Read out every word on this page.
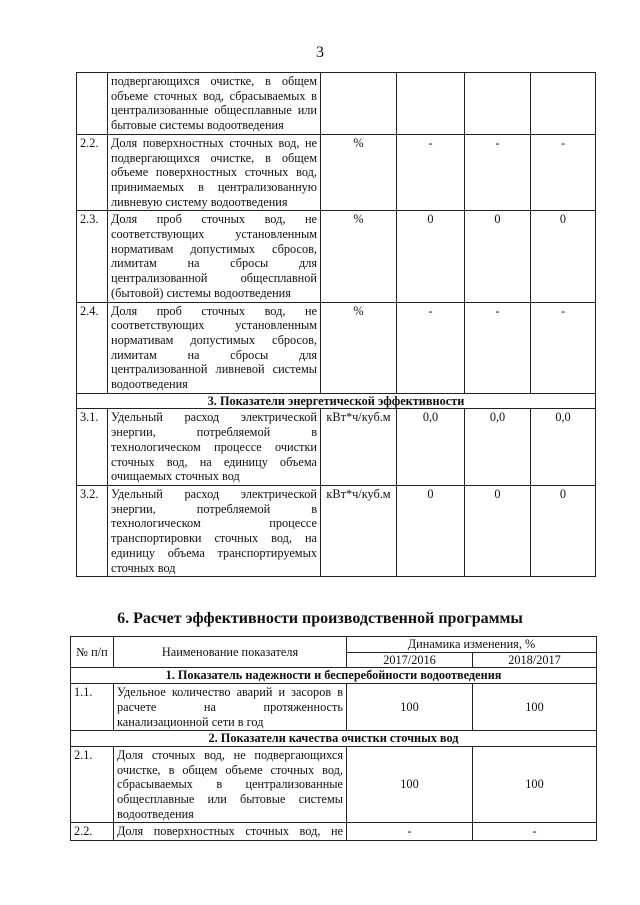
3
	подвергающихся очистке, в общем объеме сточных вод, сбрасываемых в централизованные общесплавные или бытовые системы водоотведения				
2.2.	Доля поверхностных сточных вод, не подвергающихся очистке, в общем объеме поверхностных сточных вод, принимаемых в централизованную ливневую систему водоотведения	%	-	-	-
2.3.	Доля проб сточных вод, не соответствующих установленным нормативам допустимых сбросов, лимитам на сбросы для централизованной общесплавной (бытовой) системы водоотведения	%	0	0	0
2.4.	Доля проб сточных вод, не соответствующих установленным нормативам допустимых сбросов, лимитам на сбросы для централизованной ливневой системы водоотведения	%	-	-	-
3. Показатели энергетической эффективности					
3.1.	Удельный расход электрической энергии, потребляемой в технологическом процессе очистки сточных вод, на единицу объема очищаемых сточных вод	кВт*ч/куб.м	0,0	0,0	0,0
3.2.	Удельный расход электрической энергии, потребляемой в технологическом процессе транспортировки сточных вод, на единицу объема транспортируемых сточных вод	кВт*ч/куб.м	0	0	0
6. Расчет эффективности производственной программы
№ п/п	Наименование показателя	Динамика изменения, %	
		2017/2016	2018/2017
1. Показатель надежности и бесперебойности водоотведения			
1.1.	Удельное количество аварий и засоров в расчете на протяженность канализационной сети в год	100	100
2. Показатели качества очистки сточных вод			
2.1.	Доля сточных вод, не подвергающихся очистке, в общем объеме сточных вод, сбрасываемых в централизованные общесплавные или бытовые системы водоотведения	100	100
2.2.	Доля поверхностных сточных вод, не	-	-
